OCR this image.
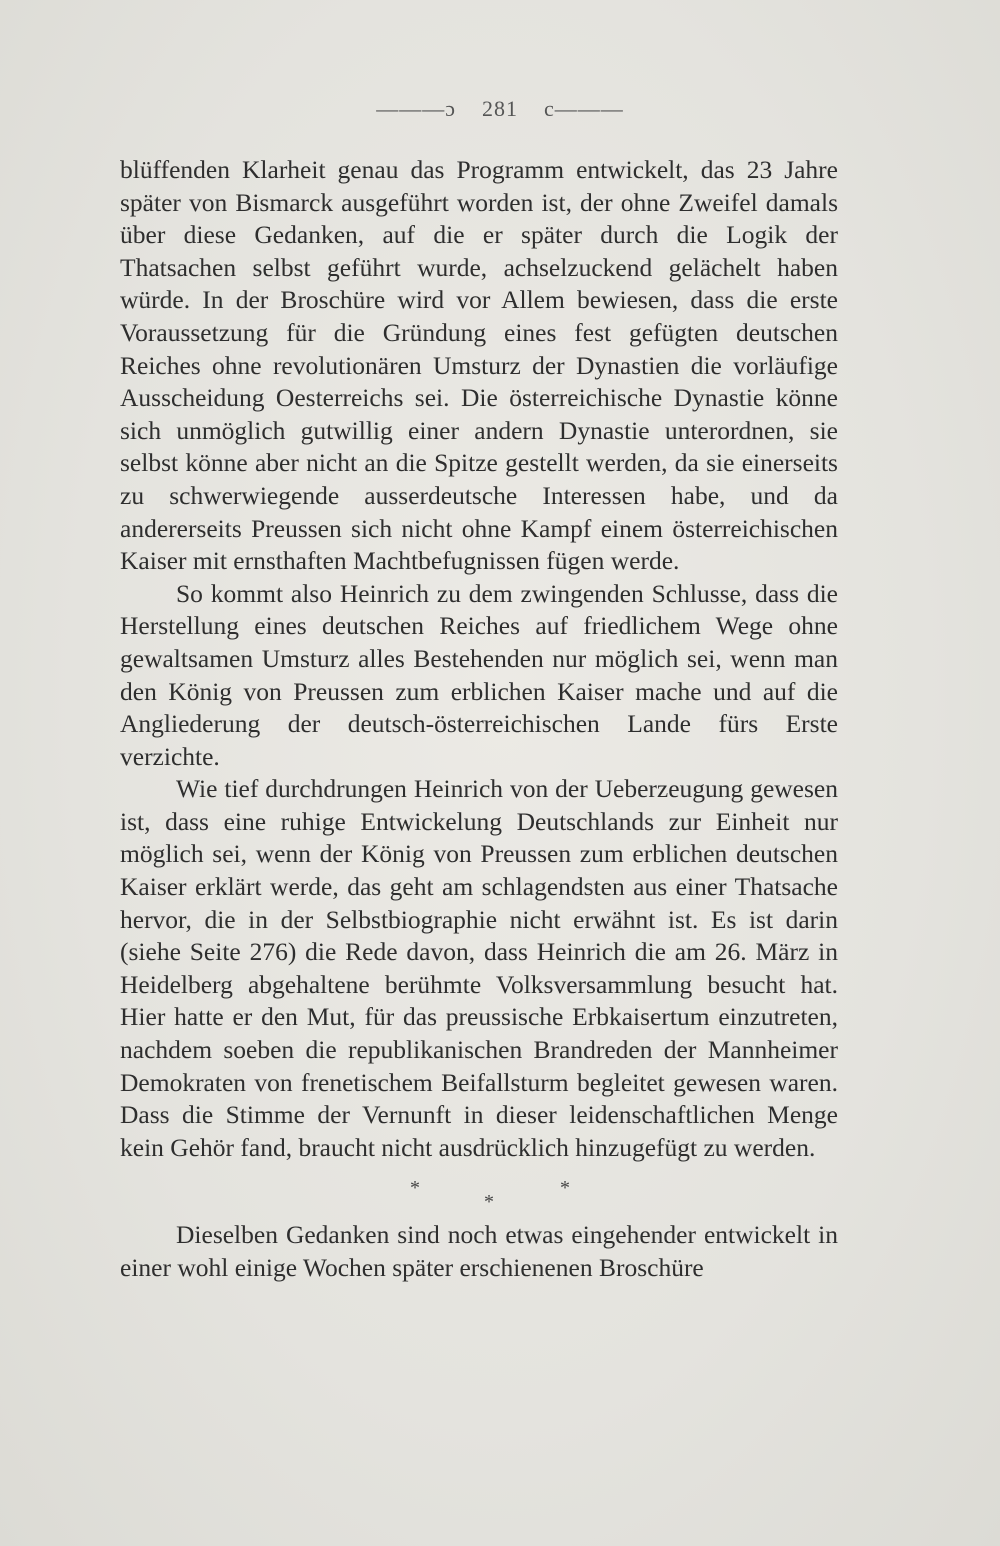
———ɔ 281 c———

blüffenden Klarheit genau das Programm entwickelt, das 23 Jahre später von Bismarck ausgeführt worden ist, der ohne Zweifel damals über diese Gedanken, auf die er später durch die Logik der Thatsachen selbst geführt wurde, achselzuckend gelächelt haben würde. In der Broschüre wird vor Allem bewiesen, dass die erste Voraussetzung für die Gründung eines fest gefügten deutschen Reiches ohne revolutionären Umsturz der Dynastien die vorläufige Ausscheidung Oesterreichs sei. Die österreichische Dynastie könne sich unmöglich gutwillig einer andern Dynastie unterordnen, sie selbst könne aber nicht an die Spitze gestellt werden, da sie einerseits zu schwerwiegende ausserdeutsche Interessen habe, und da andererseits Preussen sich nicht ohne Kampf einem österreichischen Kaiser mit ernsthaften Machtbefugnissen fügen werde.

So kommt also Heinrich zu dem zwingenden Schlusse, dass die Herstellung eines deutschen Reiches auf friedlichem Wege ohne gewaltsamen Umsturz alles Bestehenden nur möglich sei, wenn man den König von Preussen zum erblichen Kaiser mache und auf die Angliederung der deutsch-österreichischen Lande fürs Erste verzichte.

Wie tief durchdrungen Heinrich von der Ueberzeugung gewesen ist, dass eine ruhige Entwickelung Deutschlands zur Einheit nur möglich sei, wenn der König von Preussen zum erblichen deutschen Kaiser erklärt werde, das geht am schlagendsten aus einer Thatsache hervor, die in der Selbstbiographie nicht erwähnt ist. Es ist darin (siehe Seite 276) die Rede davon, dass Heinrich die am 26. März in Heidelberg abgehaltene berühmte Volksversammlung besucht hat. Hier hatte er den Mut, für das preussische Erbkaisertum einzutreten, nachdem soeben die republikanischen Brandreden der Mannheimer Demokraten von frenetischem Beifallsturm begleitet gewesen waren. Dass die Stimme der Vernunft in dieser leidenschaftlichen Menge kein Gehör fand, braucht nicht ausdrücklich hinzugefügt zu werden.

*
*
*

Dieselben Gedanken sind noch etwas eingehender entwickelt in einer wohl einige Wochen später erschienenen Broschüre
